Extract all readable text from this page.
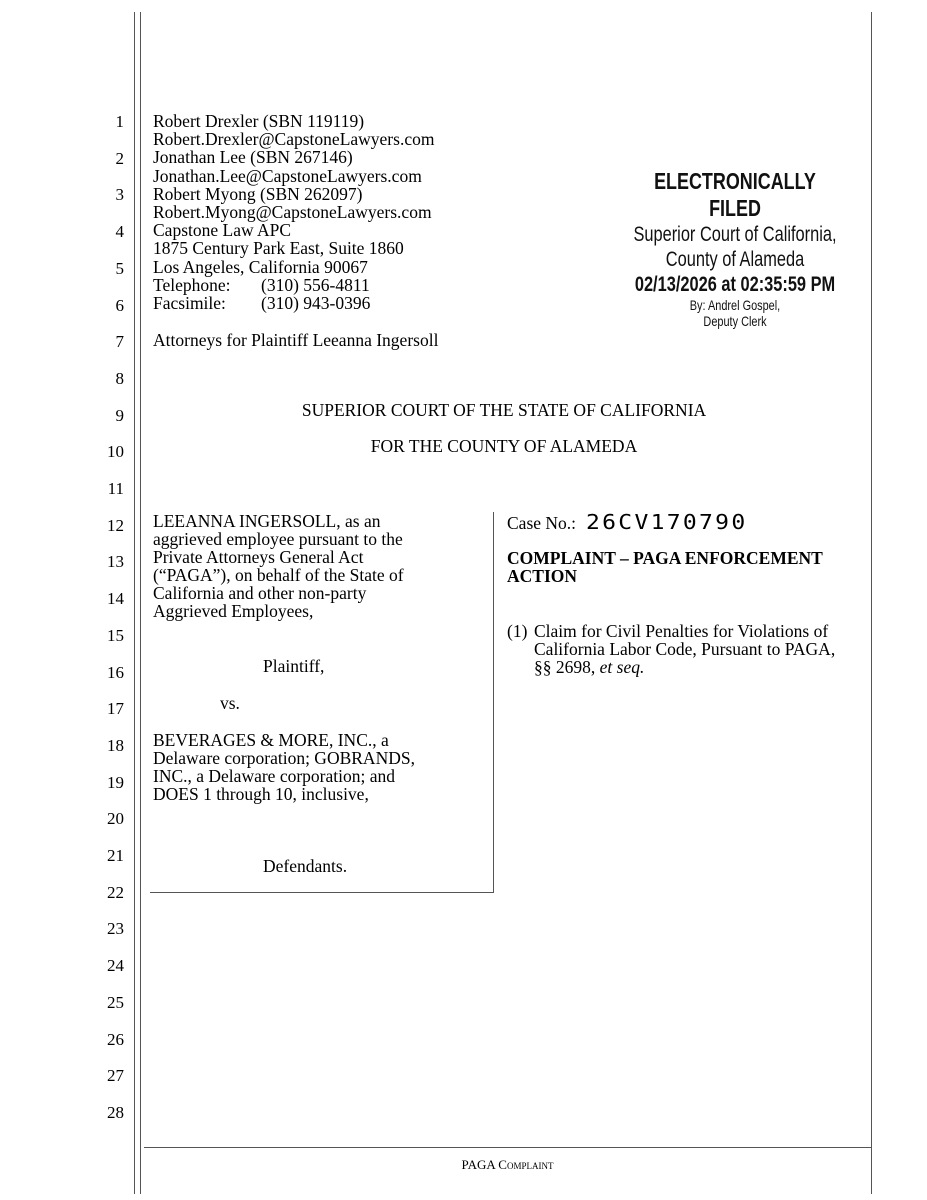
1
2
3
4
5
6
7
8
9
10
11
12
13
14
15
16
17
18
19
20
21
22
23
24
25
26
27
28
Robert Drexler (SBN 119119)
Robert.Drexler@CapstoneLawyers.com
Jonathan Lee (SBN 267146)
Jonathan.Lee@CapstoneLawyers.com
Robert Myong (SBN 262097)
Robert.Myong@CapstoneLawyers.com
Capstone Law APC
1875 Century Park East, Suite 1860
Los Angeles, California 90067
Telephone: (310) 556-4811
Facsimile: (310) 943-0396
Attorneys for Plaintiff Leeanna Ingersoll
ELECTRONICALLY FILED
Superior Court of California,
County of Alameda
02/13/2026 at 02:35:59 PM
By: Andrel Gospel,
Deputy Clerk
SUPERIOR COURT OF THE STATE OF CALIFORNIA
FOR THE COUNTY OF ALAMEDA
LEEANNA INGERSOLL, as an
aggrieved employee pursuant to the
Private Attorneys General Act
(“PAGA”), on behalf of the State of
California and other non-party
Aggrieved Employees,
Plaintiff,
vs.
BEVERAGES & MORE, INC., a
Delaware corporation; GOBRANDS,
INC., a Delaware corporation; and
DOES 1 through 10, inclusive,
Defendants.
Case No.: 26CV170790
COMPLAINT – PAGA ENFORCEMENT
ACTION
(1) Claim for Civil Penalties for Violations of
California Labor Code, Pursuant to PAGA,
§§ 2698, et seq.
PAGA Complaint
